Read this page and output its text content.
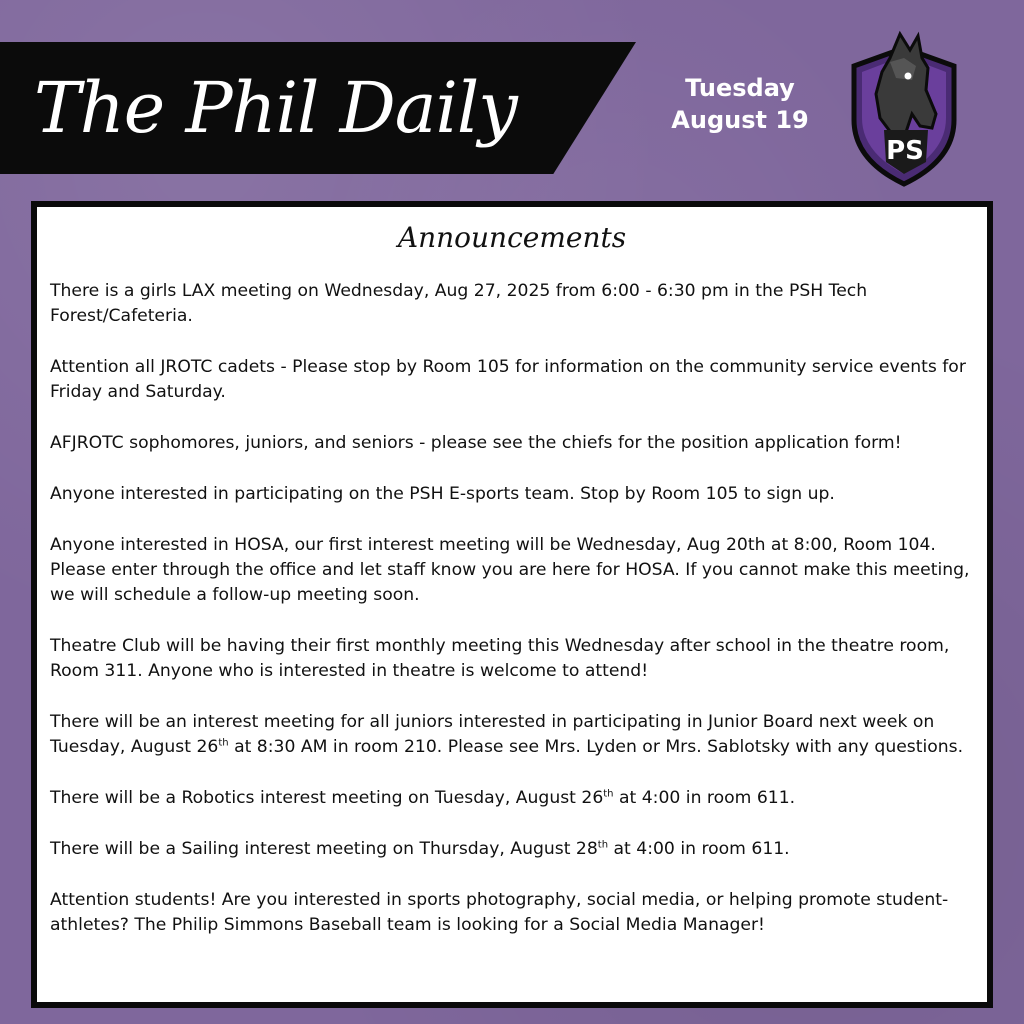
The Phil Daily	Tuesday
August 19
PS
Announcements
There is a girls LAX meeting on Wednesday, Aug 27, 2025 from 6:00 - 6:30 pm in the PSH Tech Forest/Cafeteria.
Attention all JROTC cadets - Please stop by Room 105 for information on the community service events for Friday and Saturday.
AFJROTC sophomores, juniors, and seniors - please see the chiefs for the position application form!
Anyone interested in participating on the PSH E-sports team. Stop by Room 105 to sign up.
Anyone interested in HOSA, our first interest meeting will be Wednesday, Aug 20th at 8:00, Room 104. Please enter through the office and let staff know you are here for HOSA. If you cannot make this meeting, we will schedule a follow-up meeting soon.
Theatre Club will be having their first monthly meeting this Wednesday after school in the theatre room, Room 311. Anyone who is interested in theatre is welcome to attend!
There will be an interest meeting for all juniors interested in participating in Junior Board next week on Tuesday, August 26th at 8:30 AM in room 210. Please see Mrs. Lyden or Mrs. Sablotsky with any questions.
There will be a Robotics interest meeting on Tuesday, August 26th at 4:00 in room 611.
There will be a Sailing interest meeting on Thursday, August 28th at 4:00 in room 611.
Attention students! Are you interested in sports photography, social media, or helping promote student-athletes? The Philip Simmons Baseball team is looking for a Social Media Manager!
